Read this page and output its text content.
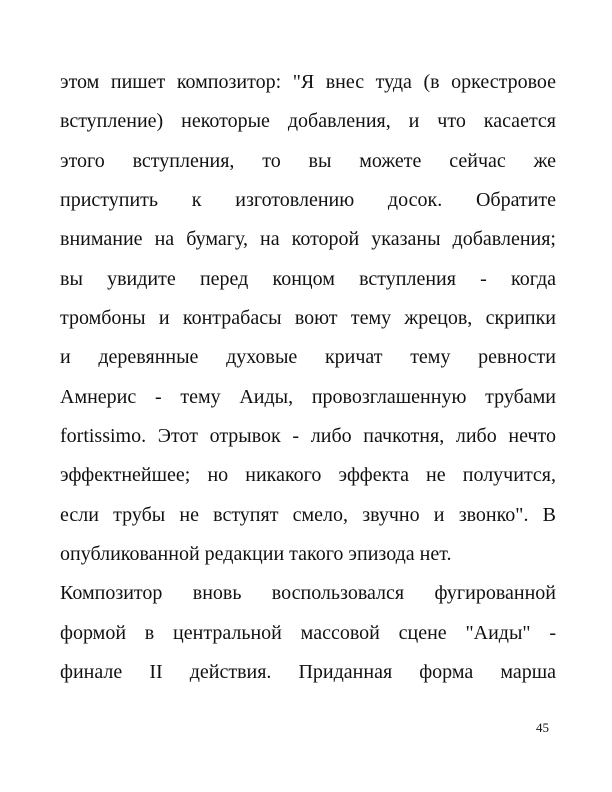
этом пишет композитор: "Я внес туда (в оркестровое
вступление) некоторые добавления, и что касается
этого вступления, то вы можете сейчас же
приступить к изготовлению досок. Обратите
внимание на бумагу, на которой указаны добавления;
вы увидите перед концом вступления - когда
тромбоны и контрабасы воют тему жрецов, скрипки
и деревянные духовые кричат тему ревности
Амнерис - тему Аиды, провозглашенную трубами
fortissimo. Этот отрывок - либо пачкотня, либо нечто
эффектнейшее; но никакого эффекта не получится,
если трубы не вступят смело, звучно и звонко". В
опубликованной редакции такого эпизода нет.
Композитор вновь воспользовался фугированной
формой в центральной массовой сцене "Аиды" -
финале II действия. Приданная форма марша
45
